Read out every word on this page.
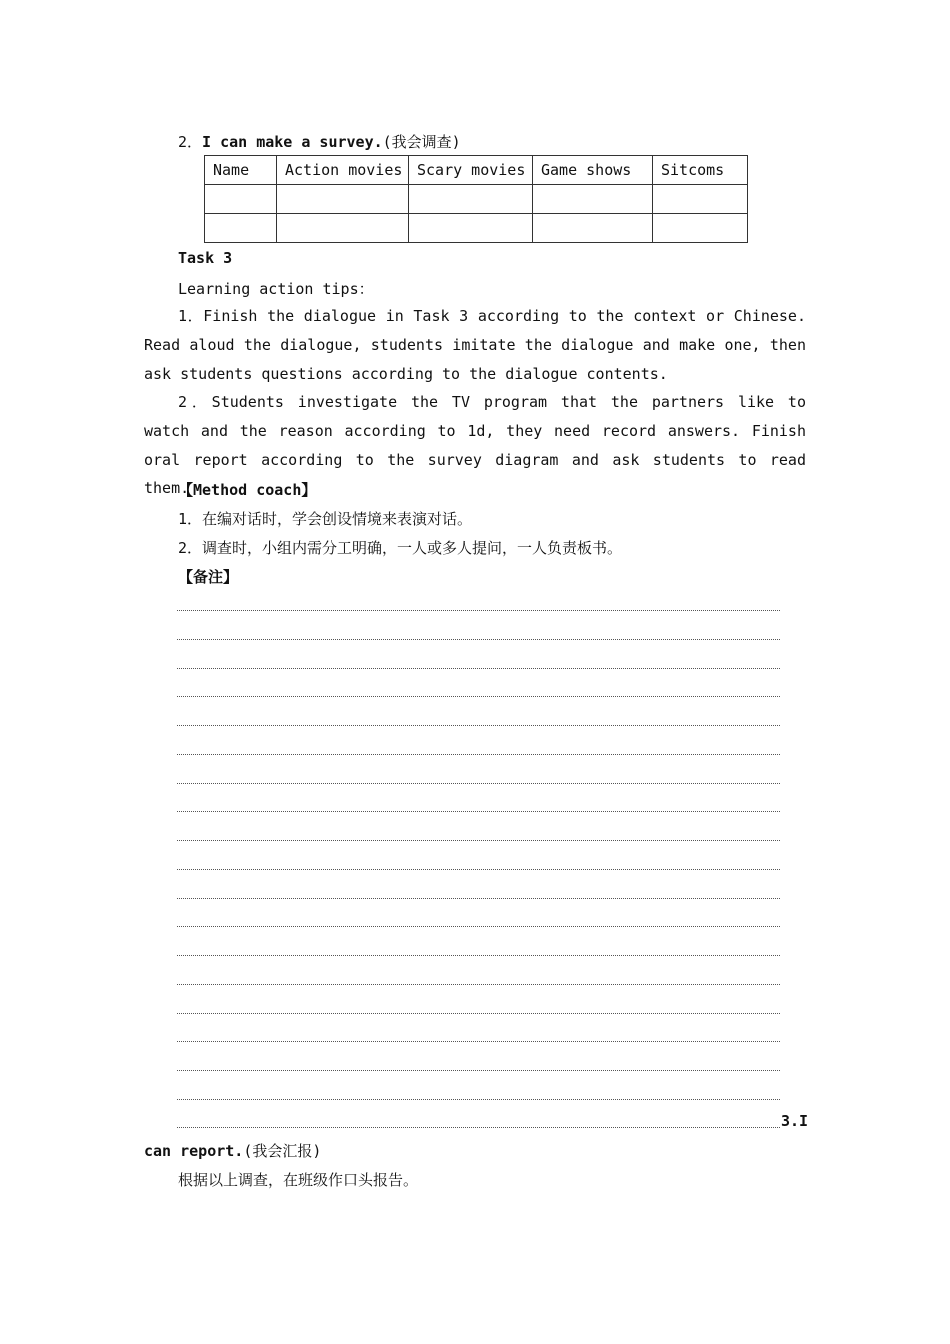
2．I can make a survey.(我会调查)
Name	Action movies	Scary movies	Game shows	Sitcoms

Task 3
Learning action tips：
1．Finish the dialogue in Task 3 according to the context or Chinese. Read aloud the dialogue, students imitate the dialogue and make one, then ask students questions according to the dialogue contents.
2．Students investigate the TV program that the partners like to watch and the reason according to 1d, they need record answers. Finish oral report according to the survey diagram and ask students to read them.
【Method coach】
1．在编对话时，学会创设情境来表演对话。
2．调查时，小组内需分工明确，一人或多人提问，一人负责板书。
【备注】
3.I
can report.(我会汇报)
根据以上调查，在班级作口头报告。
